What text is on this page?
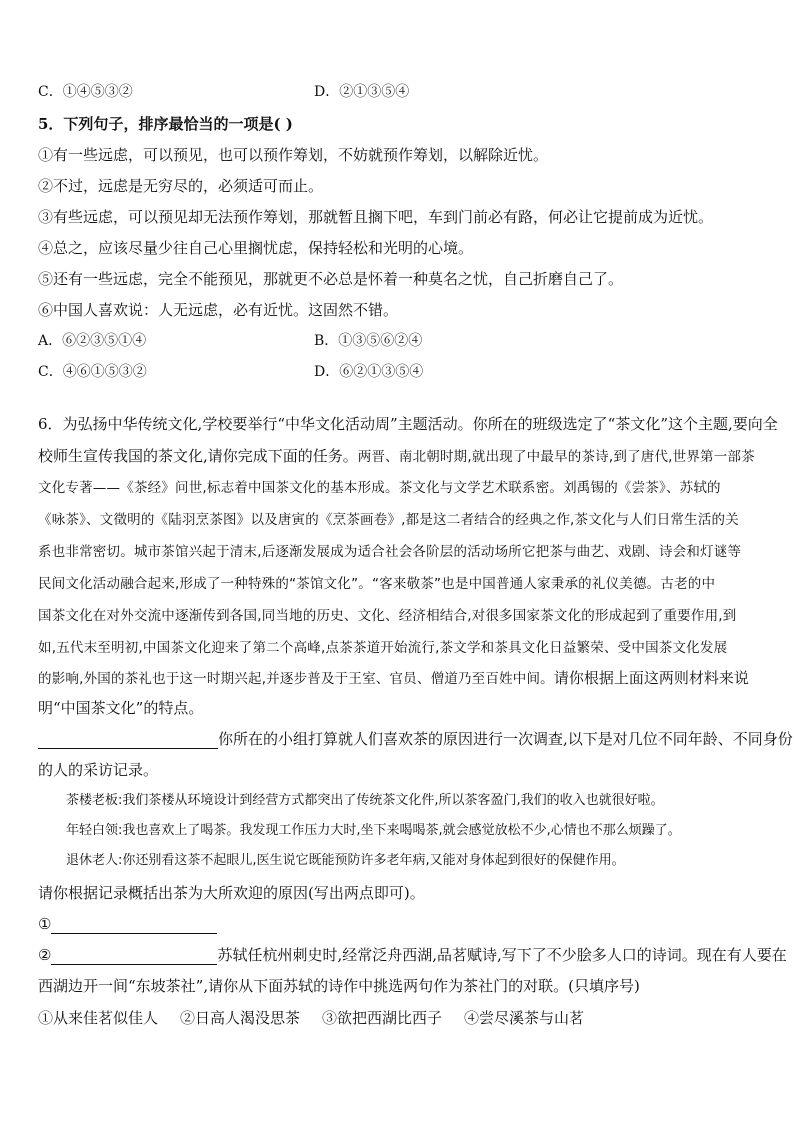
C．①④⑤③②	D．②①③⑤④
5．下列句子，排序最恰当的一项是( )
①有一些远虑，可以预见，也可以预作筹划，不妨就预作筹划，以解除近忧。
②不过，远虑是无穷尽的，必须适可而止。
③有些远虑，可以预见却无法预作筹划，那就暂且搁下吧，车到门前必有路，何必让它提前成为近忧。
④总之，应该尽量少往自己心里搁忧虑，保持轻松和光明的心境。
⑤还有一些远虑，完全不能预见，那就更不必总是怀着一种莫名之忧，自己折磨自己了。
⑥中国人喜欢说：人无远虑，必有近忧。这固然不错。
A．⑥②③⑤①④	B．①③⑤⑥②④
C．④⑥①⑤③②	D．⑥②①③⑤④
6．为弘扬中华传统文化,学校要举行“中华文化活动周”主题活动。你所在的班级选定了“茶文化”这个主题,要向全
校师生宣传我国的茶文化,请你完成下面的任务。两晋、南北朝时期,就出现了中最早的茶诗,到了唐代,世界第一部茶
文化专著——《茶经》问世,标志着中国茶文化的基本形成。茶文化与文学艺术联系密。刘禹锡的《尝茶》、苏轼的
《咏茶》、文徵明的《陆羽烹茶图》以及唐寅的《烹茶画卷》,都是这二者结合的经典之作,茶文化与人们日常生活的关
系也非常密切。城市茶馆兴起于清末,后逐渐发展成为适合社会各阶层的活动场所它把茶与曲艺、戏剧、诗会和灯谜等
民间文化活动融合起来,形成了一种特殊的“茶馆文化”。“客来敬茶”也是中国普通人家秉承的礼仪美德。古老的中
国茶文化在对外交流中逐渐传到各国,同当地的历史、文化、经济相结合,对很多国家茶文化的形成起到了重要作用,到
如,五代末至明初,中国茶文化迎来了第二个高峰,点茶茶道开始流行,茶文学和茶具文化日益繁荣、受中国茶文化发展
的影响,外国的茶礼也于这一时期兴起,并逐步普及于王室、官员、僧道乃至百姓中间。请你根据上面这两则材料来说
明“中国茶文化”的特点。
你所在的小组打算就人们喜欢茶的原因进行一次调查,以下是对几位不同年龄、不同身份
的人的采访记录。
茶楼老板:我们茶楼从环境设计到经营方式都突出了传统茶文化件,所以茶客盈门,我们的收入也就很好啦。
年轻白领:我也喜欢上了喝茶。我发现工作压力大时,坐下来喝喝茶,就会感觉放松不少,心情也不那么烦躁了。
退休老人:你还别看这茶不起眼儿,医生说它既能预防许多老年病,又能对身体起到很好的保健作用。
请你根据记录概括出茶为大所欢迎的原因(写出两点即可)。
①
②	苏轼任杭州刺史时,经常泛舟西湖,品茗赋诗,写下了不少脍多人口的诗词。现在有人要在
西湖边开一间“东坡茶社”,请你从下面苏轼的诗作中挑选两句作为茶社门的对联。(只填序号)
①从来佳茗似佳人 ②日高人渴没思茶 ③欲把西湖比西子 ④尝尽溪茶与山茗
